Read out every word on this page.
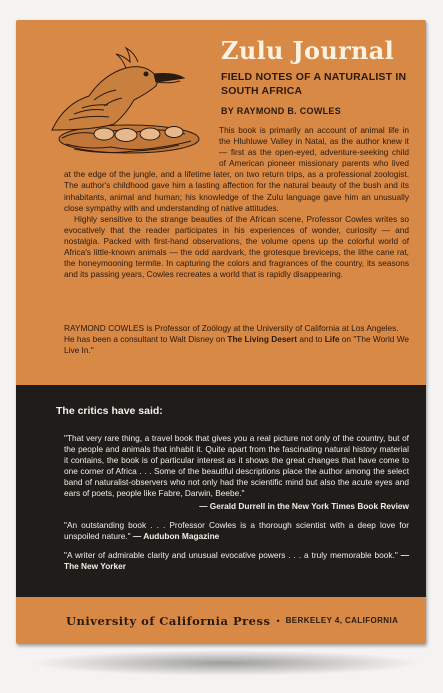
Zulu Journal

FIELD NOTES OF A NATURALIST IN SOUTH AFRICA

BY RAYMOND B. COWLES

This book is primarily an account of animal life in the Hluhluwe Valley in Natal, as the author knew it — first as the open-eyed, adventure-seeking child of American pioneer missionary parents who lived at the edge of the jungle, and a lifetime later, on two return trips, as a professional zoologist. The author's childhood gave him a lasting affection for the natural beauty of the bush and its inhabitants, animal and human; his knowledge of the Zulu language gave him an unusually close sympathy with and understanding of native attitudes.

Highly sensitive to the strange beauties of the African scene, Professor Cowles writes so evocatively that the reader participates in his experiences of wonder, curiosity — and nostalgia. Packed with first-hand observations, the volume opens up the colorful world of Africa's little-known animals — the odd aardvark, the grotesque breviceps, the lithe cane rat, the honeymooning termite. In capturing the colors and fragrances of the country, its seasons and its passing years, Cowles recreates a world that is rapidly disappearing.

RAYMOND COWLES is Professor of Zoölogy at the University of California at Los Angeles. He has been a consultant to Walt Disney on The Living Desert and to Life on "The World We Live In."

The critics have said:

"That very rare thing, a travel book that gives you a real picture not only of the country, but of the people and animals that inhabit it. Quite apart from the fascinating natural history material it contains, the book is of particular interest as it shows the great changes that have come to one corner of Africa . . . Some of the beautiful descriptions place the author among the select band of naturalist-observers who not only had the scientific mind but also the acute eyes and ears of poets, people like Fabre, Darwin, Beebe."

— Gerald Durrell in the New York Times Book Review

"An outstanding book . . . Professor Cowles is a thorough scientist with a deep love for unspoiled nature." — Audubon Magazine

"A writer of admirable clarity and unusual evocative powers . . . a truly memorable book." — The New Yorker

University of California Press • BERKELEY 4, CALIFORNIA
